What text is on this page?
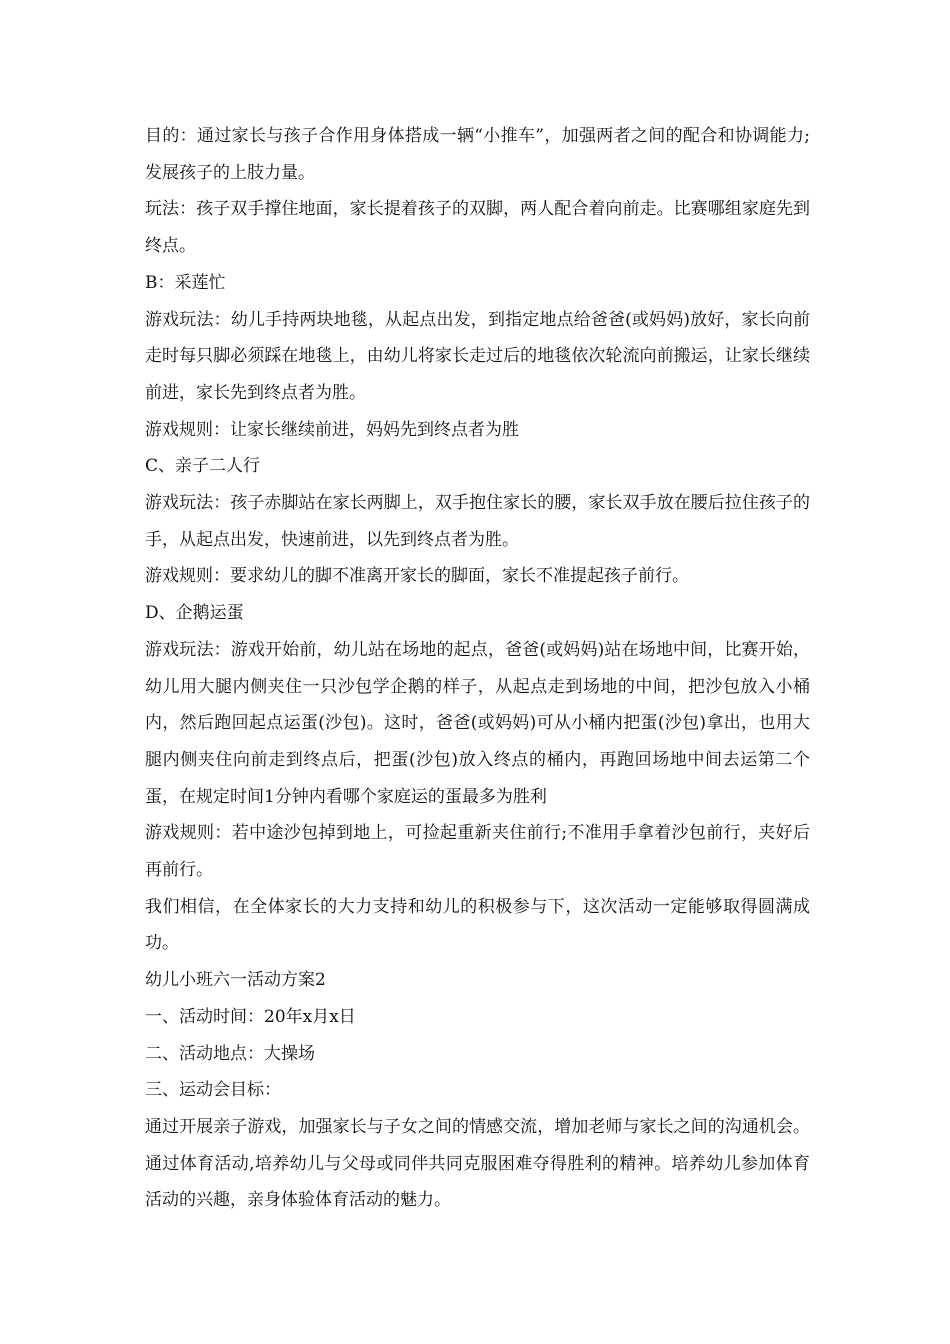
目的：通过家长与孩子合作用身体搭成一辆“小推车”，加强两者之间的配合和协调能力;发展孩子的上肢力量。

玩法：孩子双手撑住地面，家长提着孩子的双脚，两人配合着向前走。比赛哪组家庭先到终点。

B：采莲忙

游戏玩法：幼儿手持两块地毯，从起点出发，到指定地点给爸爸(或妈妈)放好，家长向前走时每只脚必须踩在地毯上，由幼儿将家长走过后的地毯依次轮流向前搬运，让家长继续前进，家长先到终点者为胜。

游戏规则：让家长继续前进，妈妈先到终点者为胜

C、亲子二人行

游戏玩法：孩子赤脚站在家长两脚上，双手抱住家长的腰，家长双手放在腰后拉住孩子的手，从起点出发，快速前进，以先到终点者为胜。

游戏规则：要求幼儿的脚不准离开家长的脚面，家长不准提起孩子前行。

D、企鹅运蛋

游戏玩法：游戏开始前，幼儿站在场地的起点，爸爸(或妈妈)站在场地中间，比赛开始，幼儿用大腿内侧夹住一只沙包学企鹅的样子，从起点走到场地的中间，把沙包放入小桶内，然后跑回起点运蛋(沙包)。这时，爸爸(或妈妈)可从小桶内把蛋(沙包)拿出，也用大腿内侧夹住向前走到终点后，把蛋(沙包)放入终点的桶内，再跑回场地中间去运第二个蛋，在规定时间1分钟内看哪个家庭运的蛋最多为胜利

游戏规则：若中途沙包掉到地上，可捡起重新夹住前行;不准用手拿着沙包前行，夹好后再前行。

我们相信，在全体家长的大力支持和幼儿的积极参与下，这次活动一定能够取得圆满成功。

幼儿小班六一活动方案2

一、活动时间：20年x月x日

二、活动地点：大操场

三、运动会目标：

通过开展亲子游戏，加强家长与子女之间的情感交流，增加老师与家长之间的沟通机会。通过体育活动,培养幼儿与父母或同伴共同克服困难夺得胜利的精神。培养幼儿参加体育活动的兴趣，亲身体验体育活动的魅力。
